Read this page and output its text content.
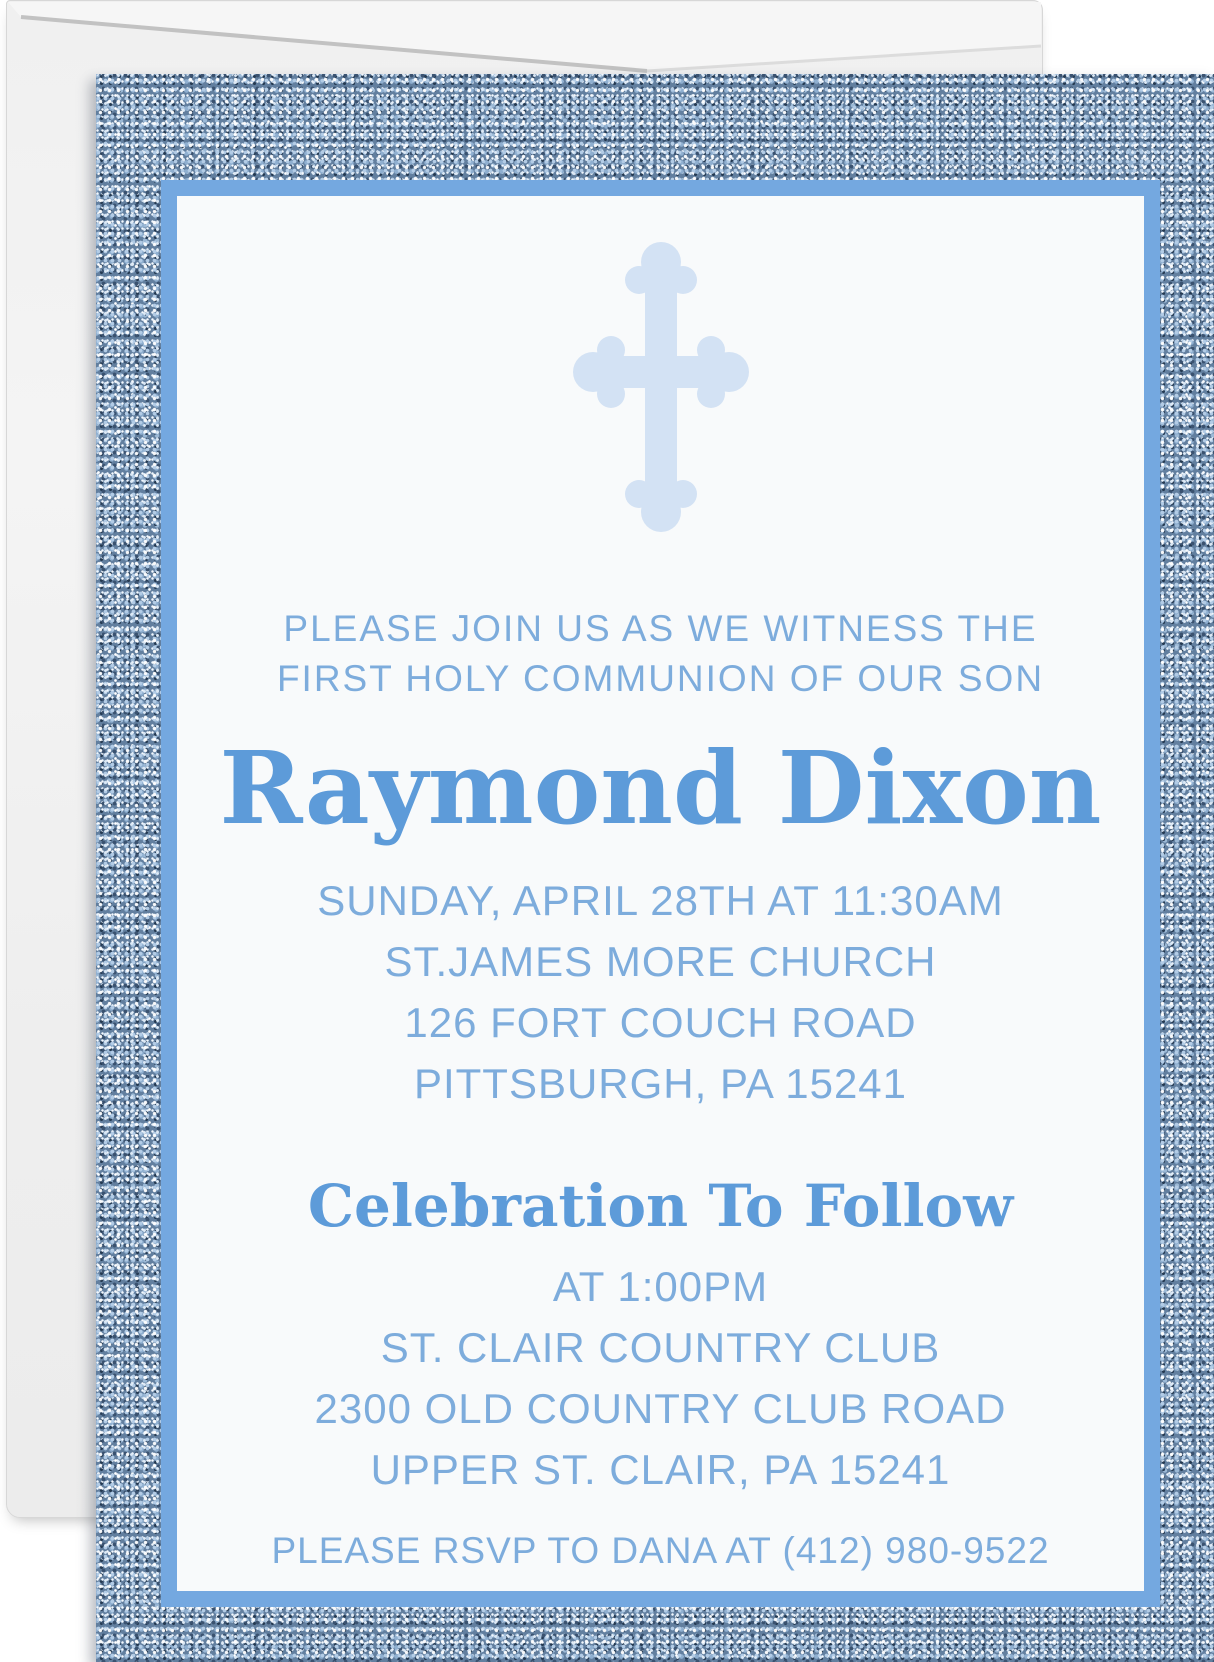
PLEASE JOIN US AS WE WITNESS THE
FIRST HOLY COMMUNION OF OUR SON
Raymond Dixon
SUNDAY, APRIL 28TH AT 11:30AM
ST.JAMES MORE CHURCH
126 FORT COUCH ROAD
PITTSBURGH, PA 15241
Celebration To Follow
AT 1:00PM
ST. CLAIR COUNTRY CLUB
2300 OLD COUNTRY CLUB ROAD
UPPER ST. CLAIR, PA 15241
PLEASE RSVP TO DANA AT (412) 980-9522
